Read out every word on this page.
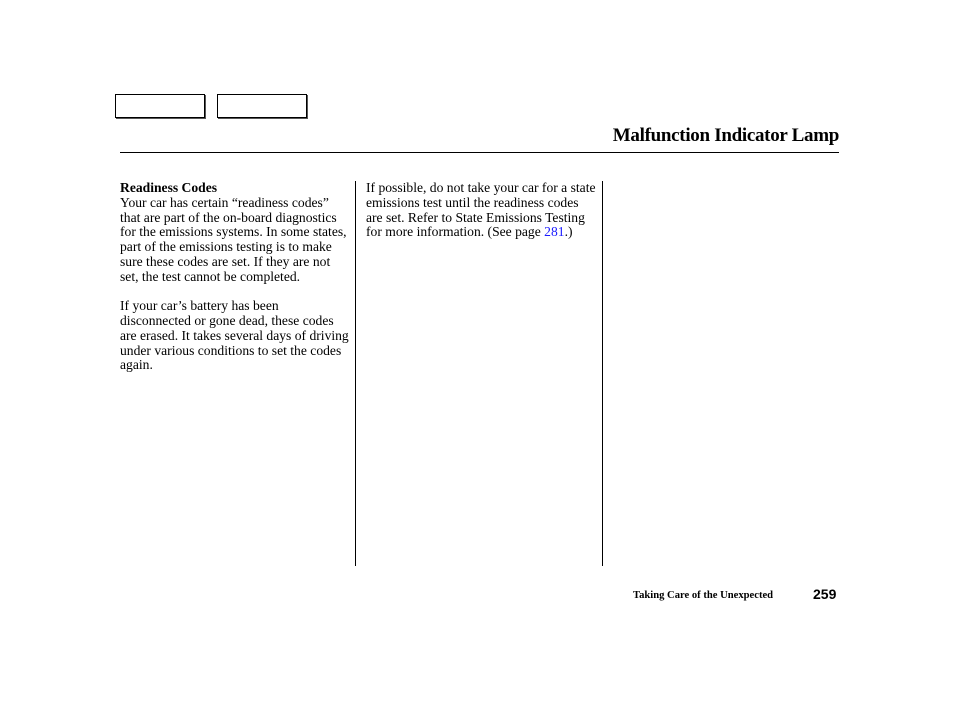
Malfunction Indicator Lamp

Readiness Codes
Your car has certain “readiness codes” that are part of the on-board diagnostics for the emissions systems. In some states, part of the emissions testing is to make sure these codes are set. If they are not set, the test cannot be completed.

If your car’s battery has been disconnected or gone dead, these codes are erased. It takes several days of driving under various conditions to set the codes again.

If possible, do not take your car for a state emissions test until the readiness codes are set. Refer to State Emissions Testing for more information. (See page 281.)

Taking Care of the Unexpected	259
